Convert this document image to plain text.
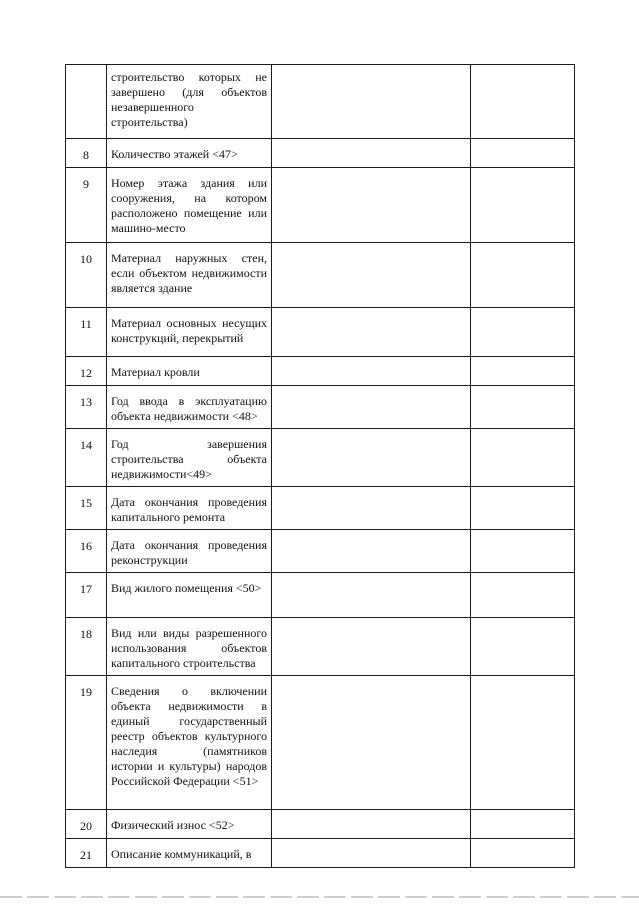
	строительство которых не завершено (для объектов незавершенного строительства)		
8	Количество этажей <47>		
9	Номер этажа здания или сооружения, на котором расположено помещение или машино-место		
10	Материал наружных стен, если объектом недвижимости является здание		
11	Материал основных несущих конструкций, перекрытий		
12	Материал кровли		
13	Год ввода в эксплуатацию объекта недвижимости <48>		
14	Год завершения строительства объекта недвижимости<49>		
15	Дата окончания проведения капитального ремонта		
16	Дата окончания проведения реконструкции		
17	Вид жилого помещения <50>		
18	Вид или виды разрешенного использования объектов капитального строительства		
19	Сведения о включении объекта недвижимости в единый государственный реестр объектов культурного наследия (памятников истории и культуры) народов Российской Федерации <51>		
20	Физический износ <52>		
21	Описание коммуникаций, в		
